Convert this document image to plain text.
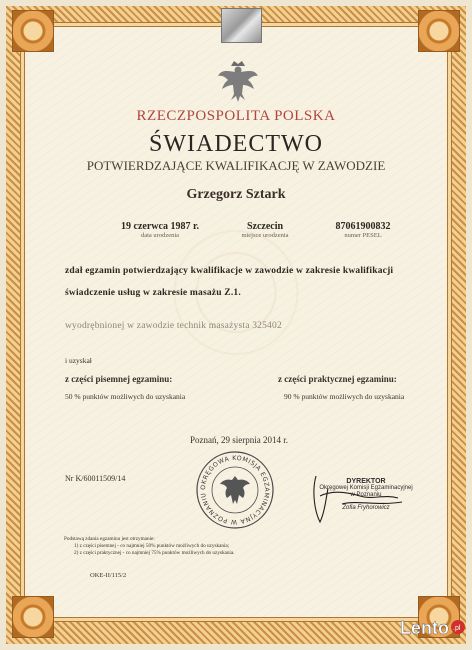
RZECZPOSPOLITA POLSKA
ŚWIADECTWO
POTWIERDZAJĄCE KWALIFIKACJĘ W ZAWODZIE
Grzegorz Sztark
19 czerwca 1987 r.
data urodzenia
Szczecin
miejsce urodzenia
87061900832
numer PESEL
zdał egzamin potwierdzający kwalifikacje w zawodzie w zakresie kwalifikacji
świadczenie usług w zakresie masażu Z.1.
wyodrębnionej w zawodzie technik masażysta 325402
i uzyskał
z części pisemnej egzaminu:
50 % punktów możliwych do uzyskania
z części praktycznej egzaminu:
90 % punktów możliwych do uzyskania
Poznań, 29 sierpnia 2014 r.
Nr K/60011509/14
OKRĘGOWA KOMISJA EGZAMINACYJNA W POZNANIU
DYREKTOR
Okręgowej Komisji Egzaminacyjnej
w Poznaniu
Zofia Fryhorowicz
Podstawą zdania egzaminu jest otrzymanie:
1) z części pisemnej - co najmniej 50% punktów możliwych do uzyskania;
2) z części praktycznej - co najmniej 75% punktów możliwych do uzyskania.
OKE-II/115/2
Lento .pl
